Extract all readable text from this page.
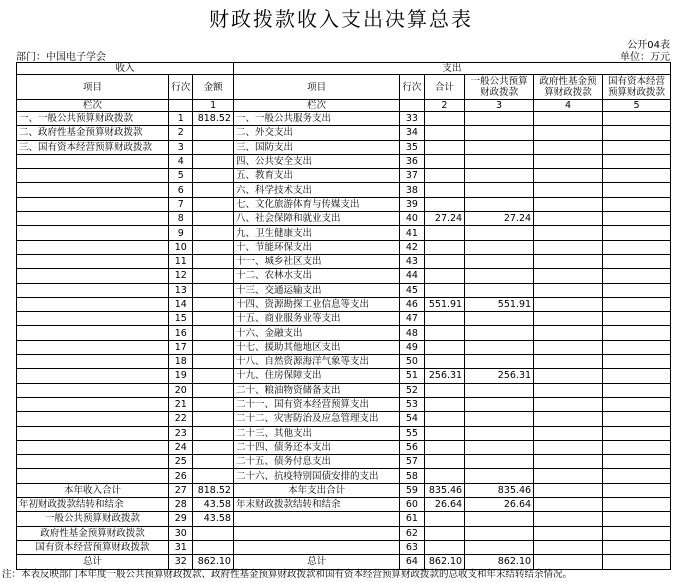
财政拨款收入支出决算总表
公开04表
部门：中国电子学会	单位：万元
收入			支出					
项目	行次	金额	项目	行次	合计	一般公共预算财政拨款	政府性基金预算财政拨款	国有资本经营预算财政拨款
栏次		1	栏次		2	3	4	5
一、一般公共预算财政拨款	1	818.52	一、一般公共服务支出	33				
二、政府性基金预算财政拨款	2		二、外交支出	34				
三、国有资本经营预算财政拨款	3		三、国防支出	35				
	4		四、公共安全支出	36				
	5		五、教育支出	37				
	6		六、科学技术支出	38				
	7		七、文化旅游体育与传媒支出	39				
	8		八、社会保障和就业支出	40	27.24	27.24		
	9		九、卫生健康支出	41				
	10		十、节能环保支出	42				
	11		十一、城乡社区支出	43				
	12		十二、农林水支出	44				
	13		十三、交通运输支出	45				
	14		十四、资源勘探工业信息等支出	46	551.91	551.91		
	15		十五、商业服务业等支出	47				
	16		十六、金融支出	48				
	17		十七、援助其他地区支出	49				
	18		十八、自然资源海洋气象等支出	50				
	19		十九、住房保障支出	51	256.31	256.31		
	20		二十、粮油物资储备支出	52				
	21		二十一、国有资本经营预算支出	53				
	22		二十二、灾害防治及应急管理支出	54				
	23		二十三、其他支出	55				
	24		二十四、债务还本支出	56				
	25		二十五、债务付息支出	57				
	26		二十六、抗疫特别国债安排的支出	58				
本年收入合计	27	818.52	本年支出合计	59	835.46	835.46		
年初财政拨款结转和结余	28	43.58	年末财政拨款结转和结余	60	26.64	26.64		
一般公共预算财政拨款	29	43.58		61				
政府性基金预算财政拨款	30			62				
国有资本经营预算财政拨款	31			63				
总计	32	862.10	总计	64	862.10	862.10		
注：本表反映部门本年度一般公共预算财政拨款、政府性基金预算财政拨款和国有资本经营预算财政拨款的总收支和年末结转结余情况。
